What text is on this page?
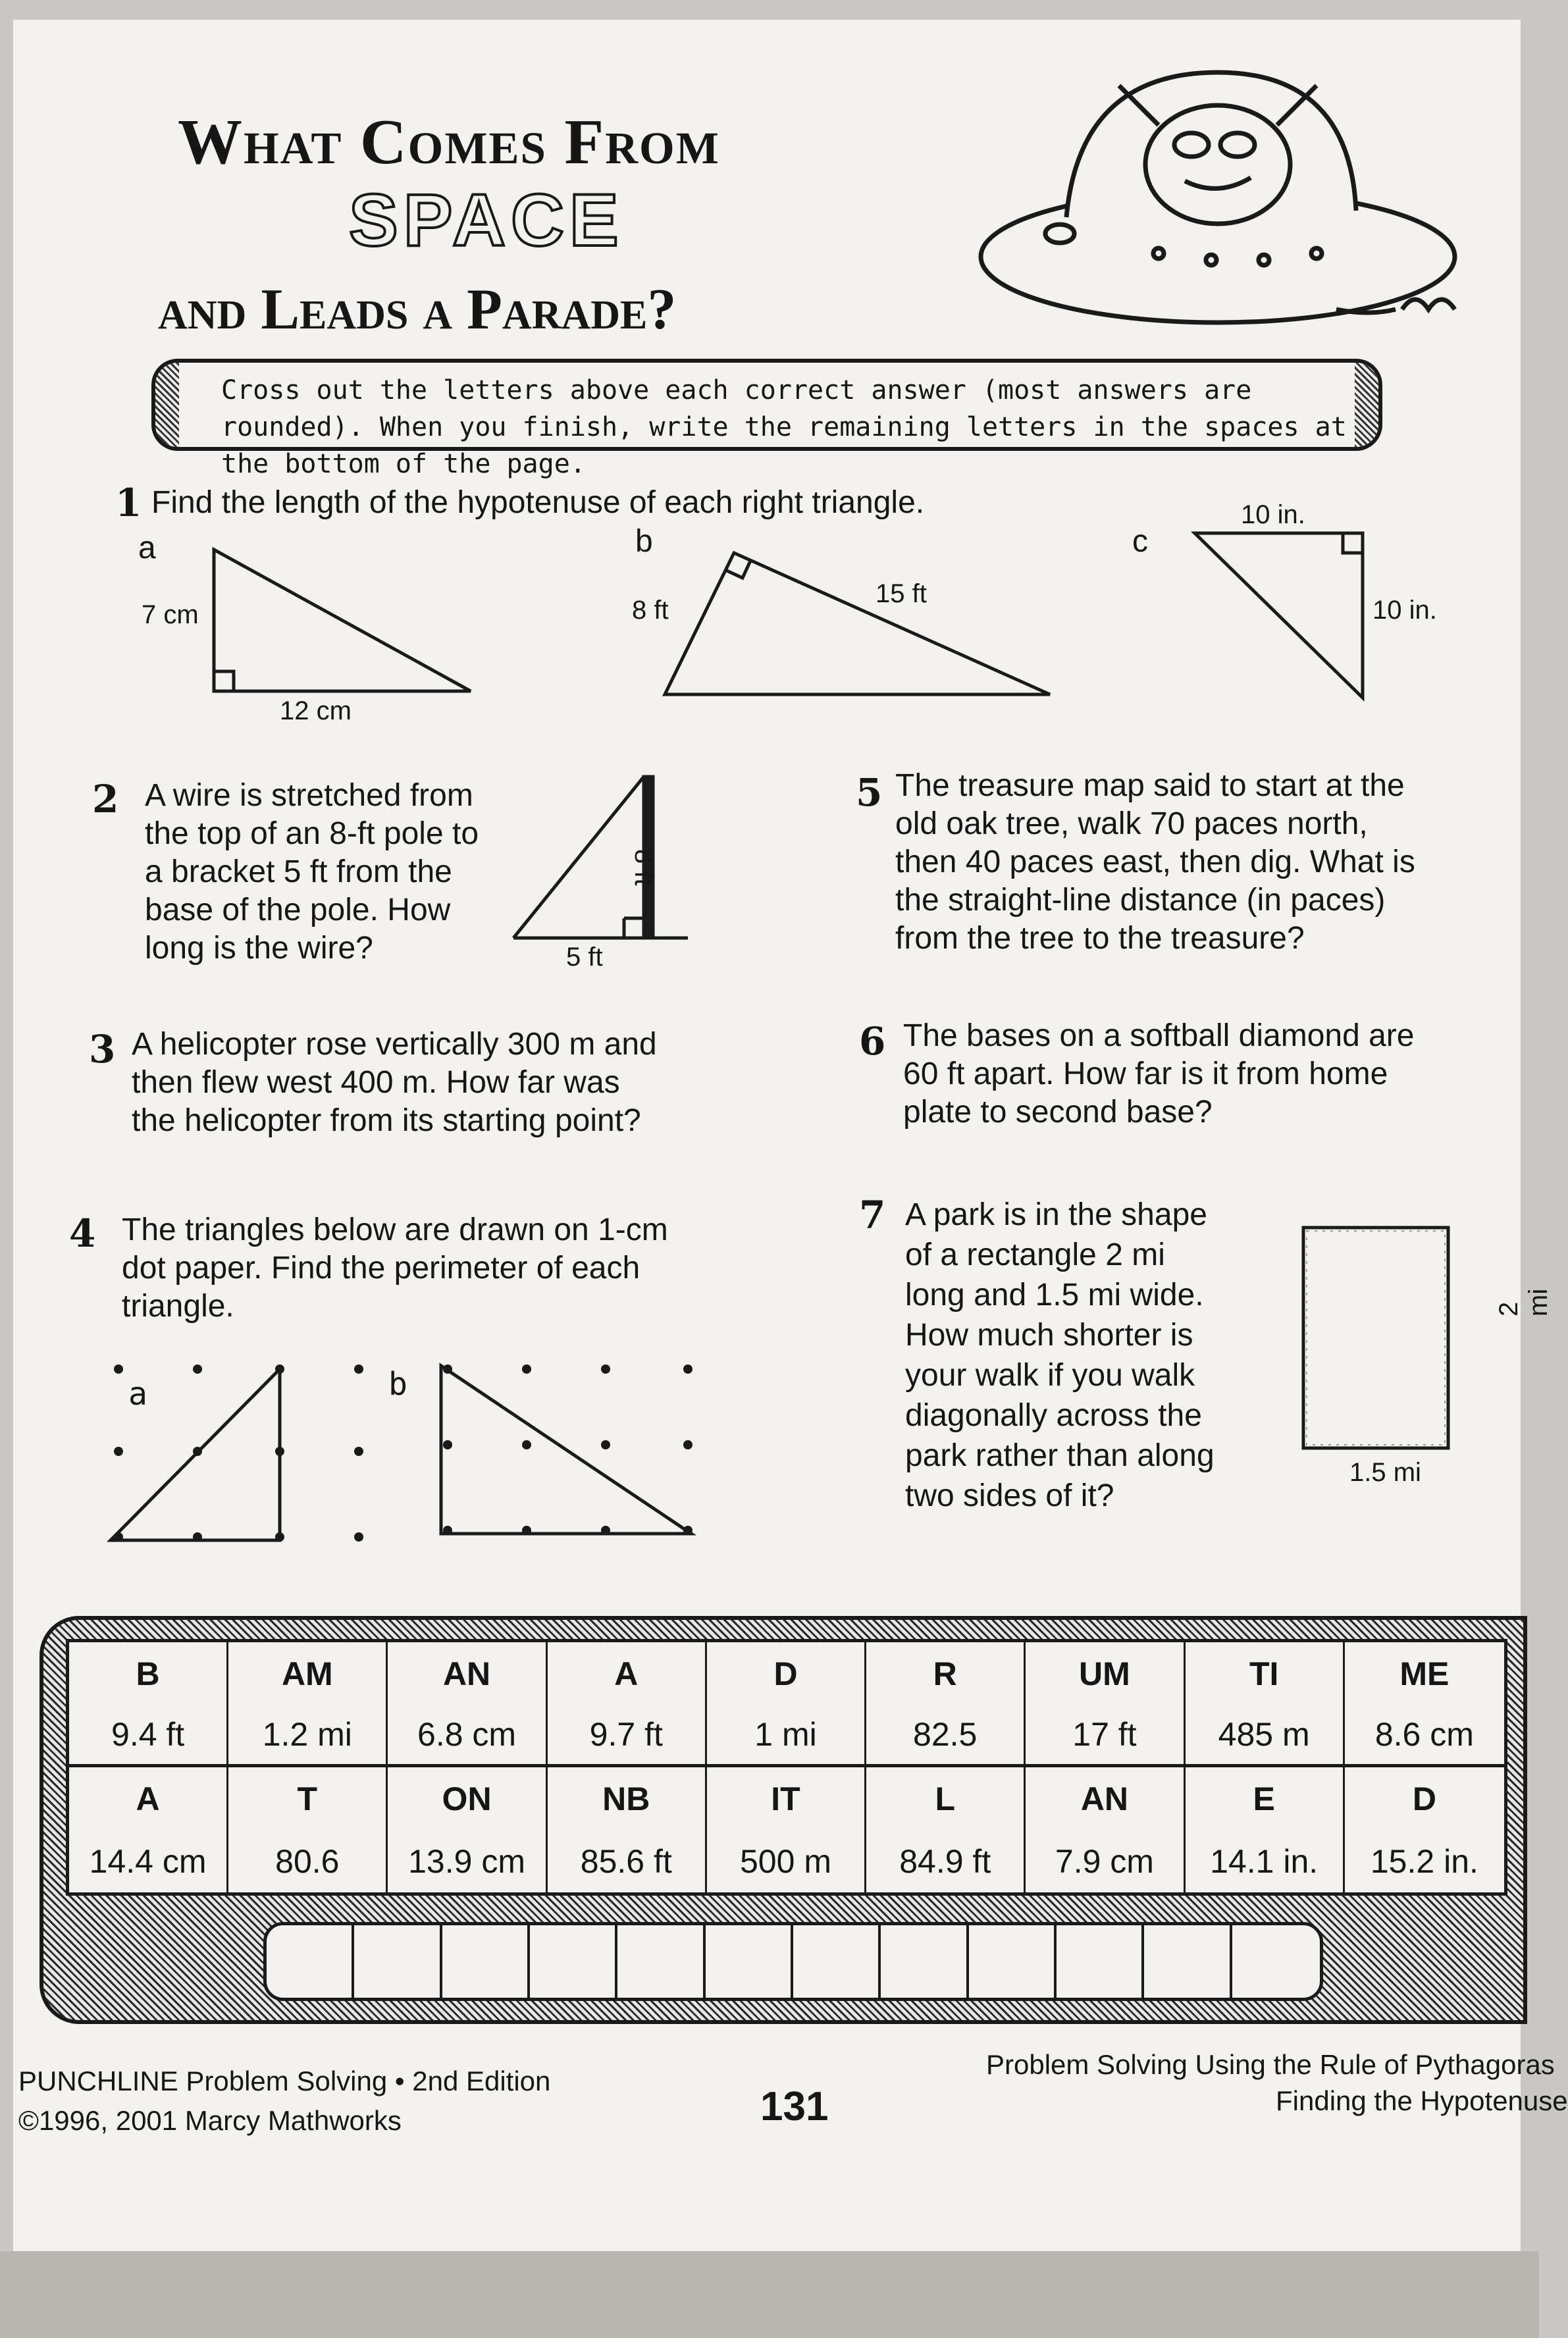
What Comes From
SPACE
and Leads a Parade?

Cross out the letters above each correct answer (most answers are rounded). When you finish, write the remaining letters in the spaces at the bottom of the page.

1 Find the length of the hypotenuse of each right triangle.
a
7 cm
12 cm
b
8 ft
15 ft
c
10 in.
10 in.
2 A wire is stretched from
the top of an 8-ft pole to
a bracket 5 ft from the
base of the pole. How
long is the wire?
8 ft
5 ft
3 A helicopter rose vertically 300 m and
then flew west 400 m. How far was
the helicopter from its starting point?
4 The triangles below are drawn on 1-cm
dot paper. Find the perimeter of each
triangle.
a	b
5 The treasure map said to start at the
old oak tree, walk 70 paces north,
then 40 paces east, then dig. What is
the straight-line distance (in paces)
from the tree to the treasure?
6 The bases on a softball diamond are
60 ft apart. How far is it from home
plate to second base?
7 A park is in the shape
of a rectangle 2 mi
long and 1.5 mi wide.
How much shorter is
your walk if you walk
diagonally across the
park rather than along
two sides of it?
2 mi
1.5 mi
B	AM	AN	A	D	R	UM	TI	ME
9.4 ft	1.2 mi	6.8 cm	9.7 ft	1 mi	82.5	17 ft	485 m	8.6 cm
A	T	ON	NB	IT	L	AN	E	D
14.4 cm	80.6	13.9 cm	85.6 ft	500 m	84.9 ft	7.9 cm	14.1 in.	15.2 in.
PUNCHLINE Problem Solving • 2nd Edition
©1996, 2001 Marcy Mathworks	131
Problem Solving Using the Rule of Pythagoras
Finding the Hypotenuse
